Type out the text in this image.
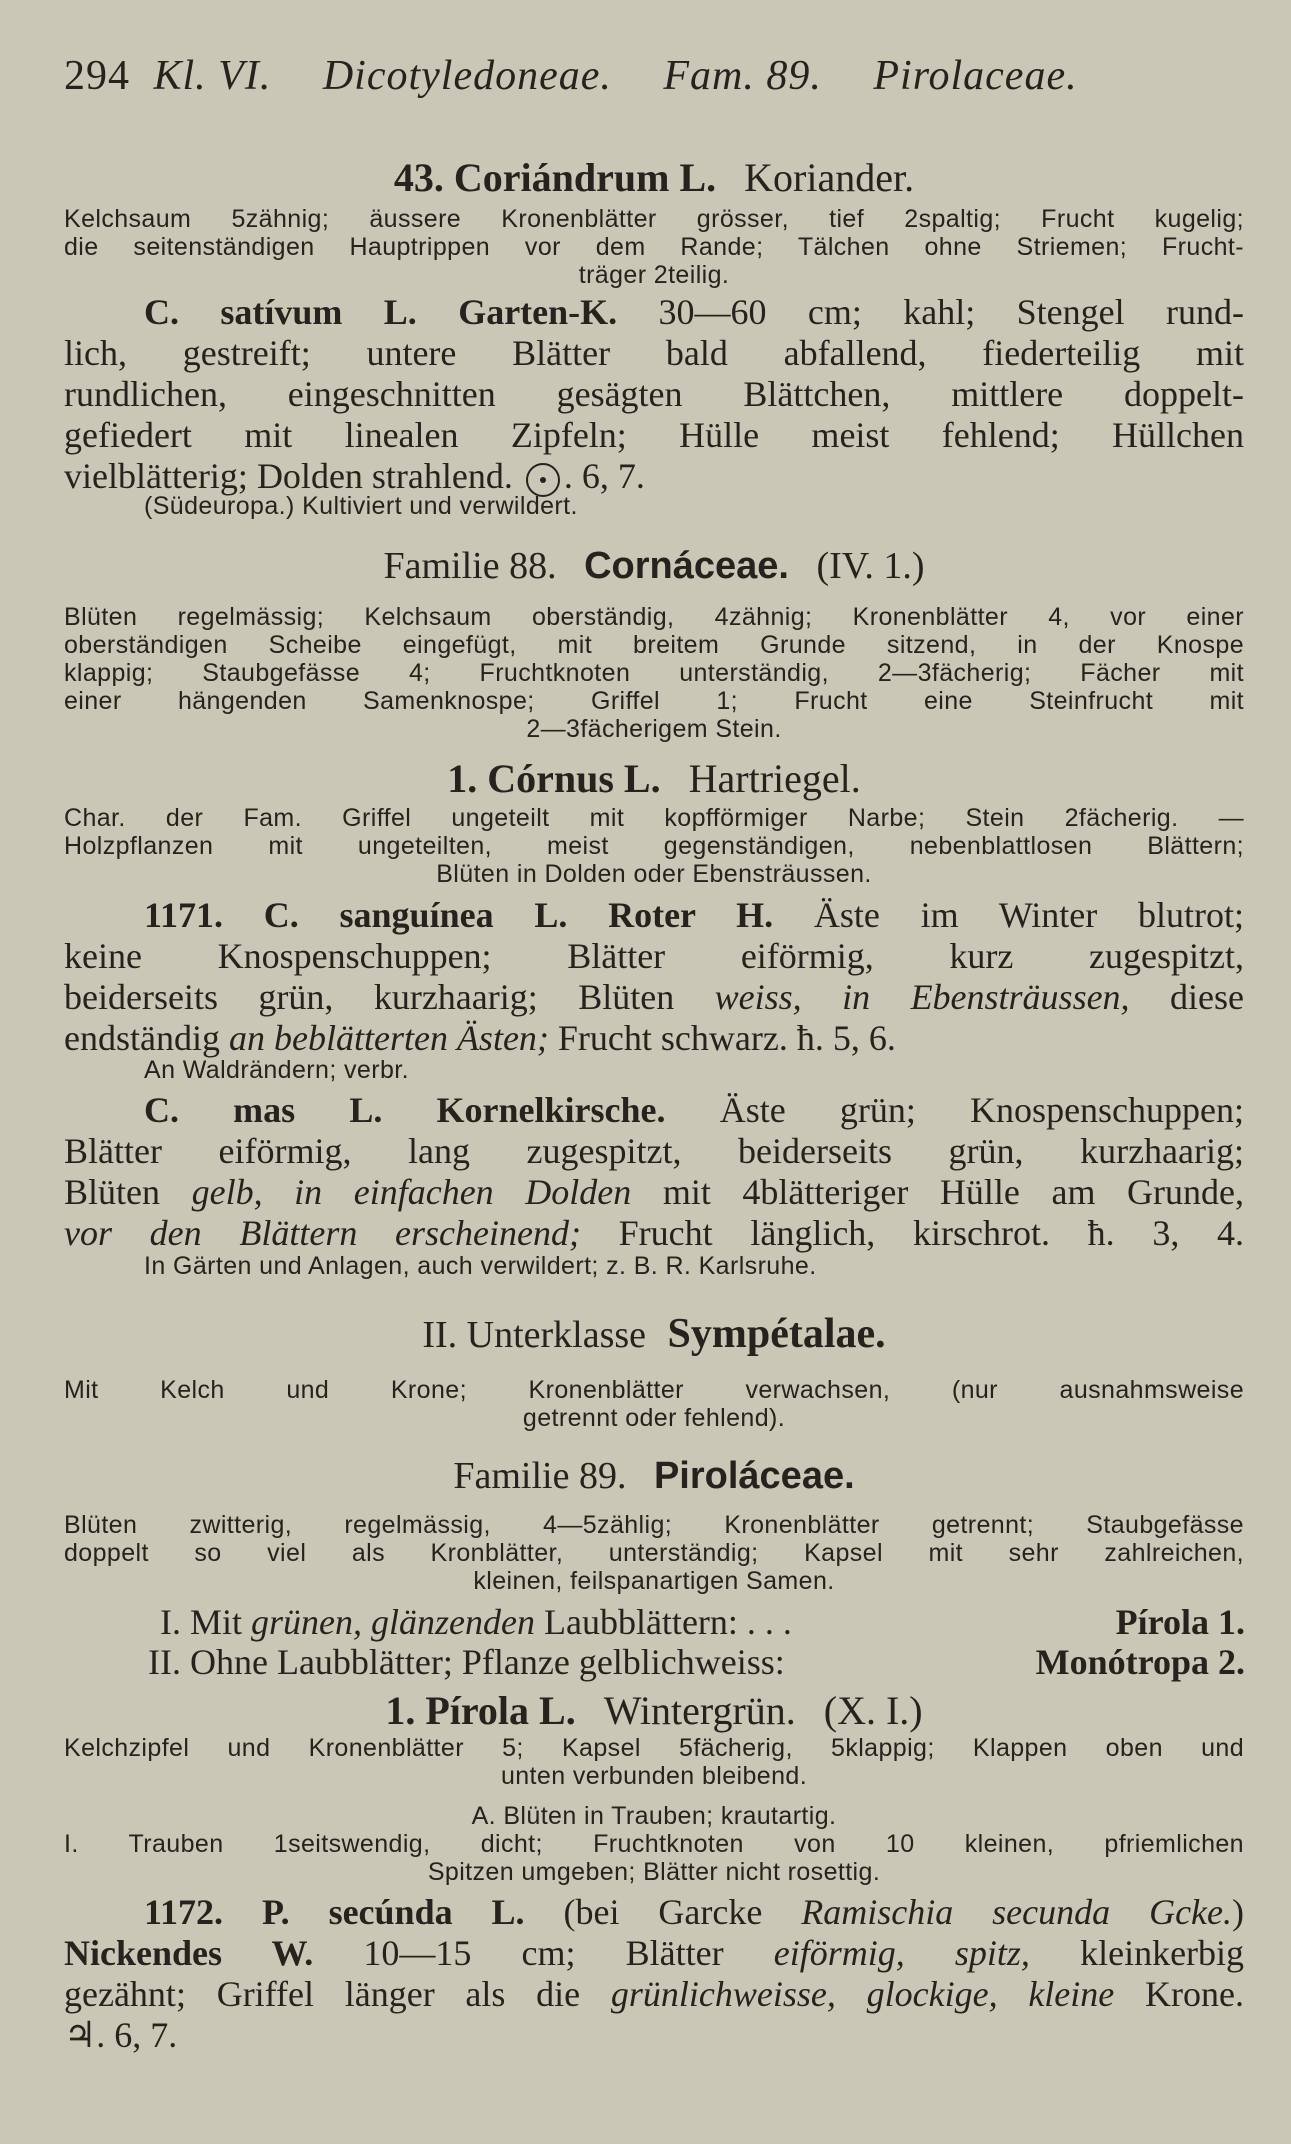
294 Kl. VI. Dicotyledoneae. Fam. 89. Pirolaceae.
43. Coriándrum L. Koriander.
Kelchsaum 5zähnig; äussere Kronenblätter grösser, tief 2spaltig; Frucht kugelig;
die seitenständigen Hauptrippen vor dem Rande; Tälchen ohne Striemen; Frucht-
träger 2teilig.
C. satívum L. Garten-K. 30—60 cm; kahl; Stengel rund-
lich, gestreift; untere Blätter bald abfallend, fiederteilig mit
rundlichen, eingeschnitten gesägten Blättchen, mittlere doppelt-
gefiedert mit linealen Zipfeln; Hülle meist fehlend; Hüllchen
vielblätterig; Dolden strahlend. . 6, 7.
(Südeuropa.) Kultiviert und verwildert.
Familie 88. Cornáceae. (IV. 1.)
Blüten regelmässig; Kelchsaum oberständig, 4zähnig; Kronenblätter 4, vor einer
oberständigen Scheibe eingefügt, mit breitem Grunde sitzend, in der Knospe
klappig; Staubgefässe 4; Fruchtknoten unterständig, 2—3fächerig; Fächer mit
einer hängenden Samenknospe; Griffel 1; Frucht eine Steinfrucht mit
2—3fächerigem Stein.
1. Córnus L. Hartriegel.
Char. der Fam. Griffel ungeteilt mit kopfförmiger Narbe; Stein 2fächerig. —
Holzpflanzen mit ungeteilten, meist gegenständigen, nebenblattlosen Blättern;
Blüten in Dolden oder Ebensträussen.
1171. C. sanguínea L. Roter H. Äste im Winter blutrot;
keine Knospenschuppen; Blätter eiförmig, kurz zugespitzt,
beiderseits grün, kurzhaarig; Blüten weiss, in Ebensträussen, diese
endständig an beblätterten Ästen; Frucht schwarz. ħ. 5, 6.
An Waldrändern; verbr.
C. mas L. Kornelkirsche. Äste grün; Knospenschuppen;
Blätter eiförmig, lang zugespitzt, beiderseits grün, kurzhaarig;
Blüten gelb, in einfachen Dolden mit 4blätteriger Hülle am Grunde,
vor den Blättern erscheinend; Frucht länglich, kirschrot. ħ. 3, 4.
In Gärten und Anlagen, auch verwildert; z. B. R. Karlsruhe.
II. Unterklasse Sympétalae.
Mit Kelch und Krone; Kronenblätter verwachsen, (nur ausnahmsweise
getrennt oder fehlend).
Familie 89. Piroláceae.
Blüten zwitterig, regelmässig, 4—5zählig; Kronenblätter getrennt; Staubgefässe
doppelt so viel als Kronblätter, unterständig; Kapsel mit sehr zahlreichen,
kleinen, feilspanartigen Samen.
I. Mit grünen, glänzenden Laubblättern: . . .	Pírola 1.
II. Ohne Laubblätter; Pflanze gelblichweiss:	Monótropa 2.
1. Pírola L. Wintergrün. (X. I.)
Kelchzipfel und Kronenblätter 5; Kapsel 5fächerig, 5klappig; Klappen oben und
unten verbunden bleibend.
A. Blüten in Trauben; krautartig.
I. Trauben 1seitswendig, dicht; Fruchtknoten von 10 kleinen, pfriemlichen
Spitzen umgeben; Blätter nicht rosettig.
1172. P. secúnda L. (bei Garcke Ramischia secunda Gcke.)
Nickendes W. 10—15 cm; Blätter eiförmig, spitz, kleinkerbig
gezähnt; Griffel länger als die grünlichweisse, glockige, kleine Krone.
♃. 6, 7.
